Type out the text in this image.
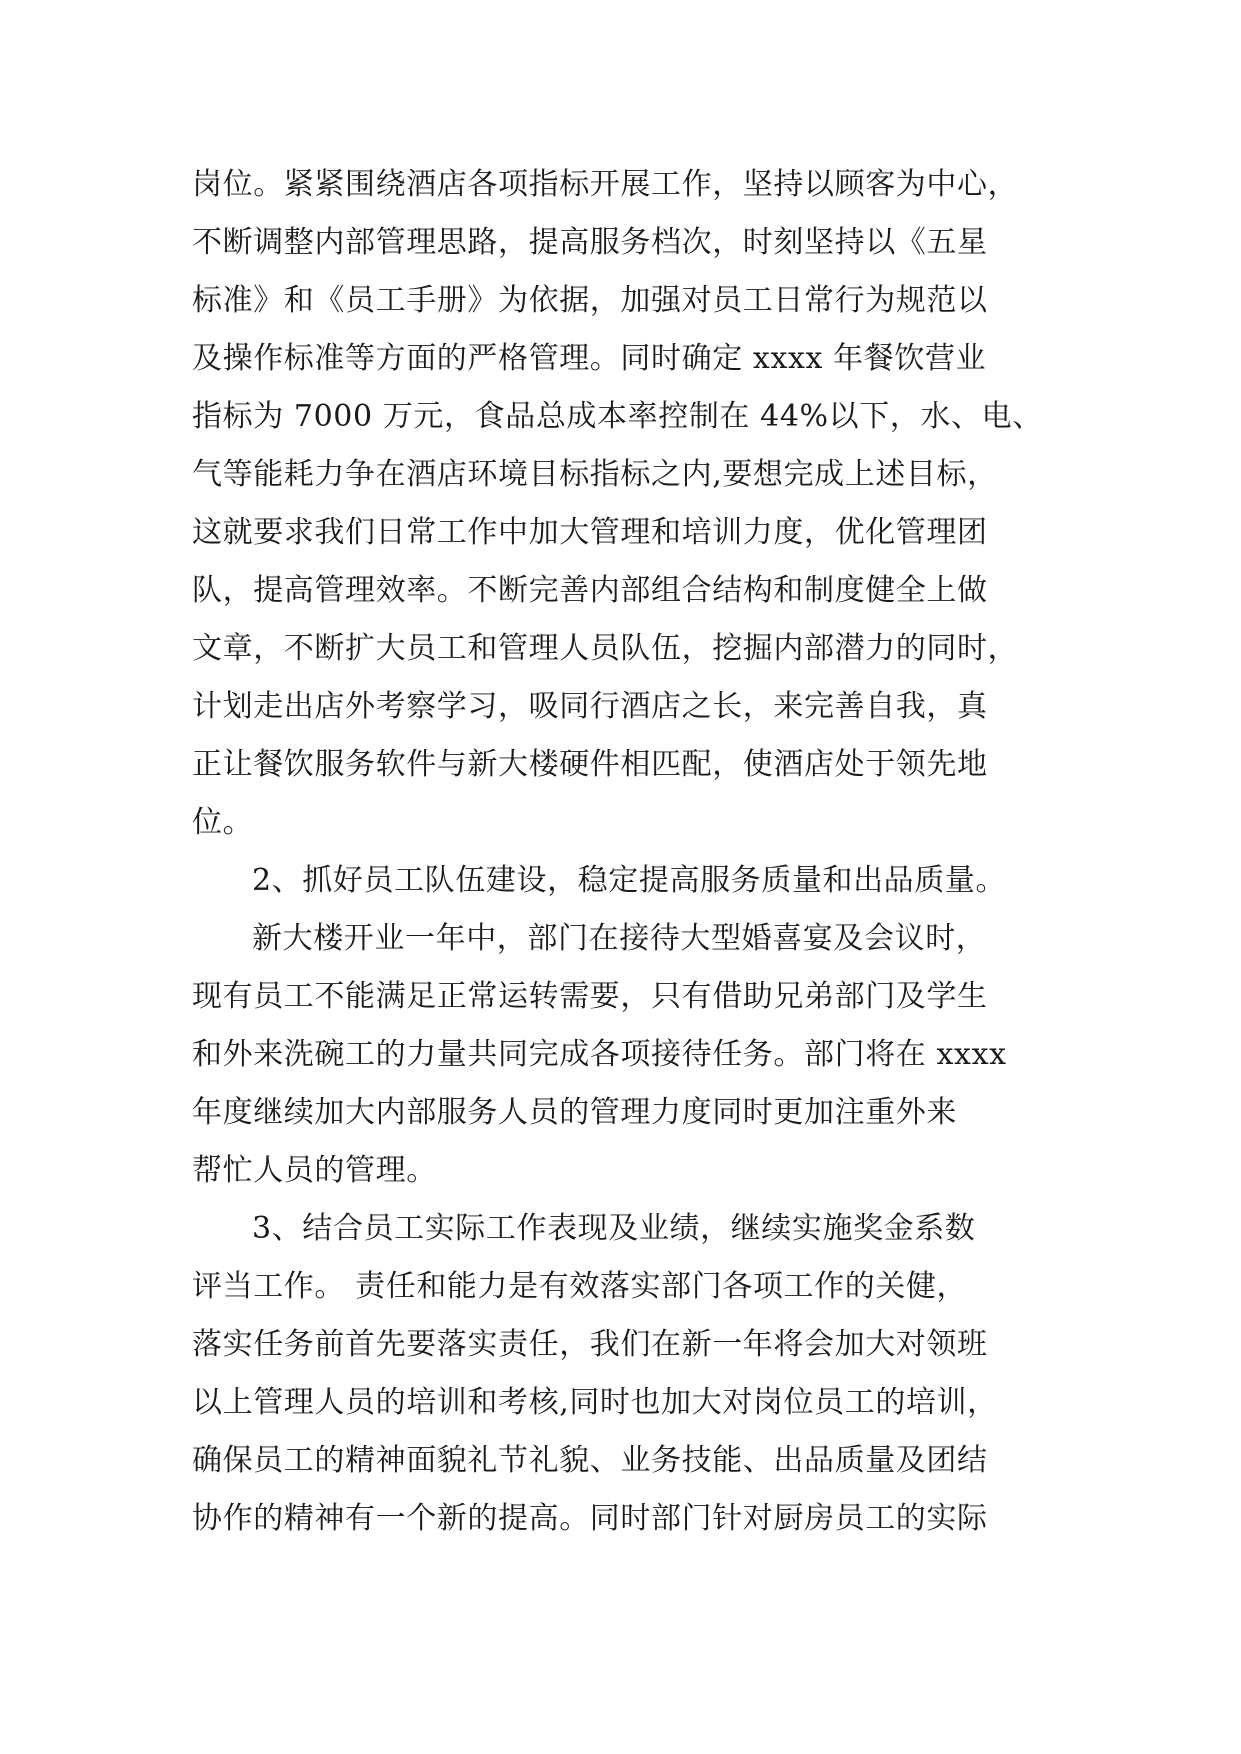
岗位。紧紧围绕酒店各项指标开展工作，坚持以顾客为中心，
不断调整内部管理思路，提高服务档次，时刻坚持以《五星
标准》和《员工手册》为依据，加强对员工日常行为规范以
及操作标准等方面的严格管理。同时确定 xxxx 年餐饮营业
指标为 7000 万元，食品总成本率控制在 44%以下，水、电、
气等能耗力争在酒店环境目标指标之内,要想完成上述目标，
这就要求我们日常工作中加大管理和培训力度，优化管理团
队，提高管理效率。不断完善内部组合结构和制度健全上做
文章，不断扩大员工和管理人员队伍，挖掘内部潜力的同时，
计划走出店外考察学习，吸同行酒店之长，来完善自我，真
正让餐饮服务软件与新大楼硬件相匹配，使酒店处于领先地
位。
2、抓好员工队伍建设，稳定提高服务质量和出品质量。
新大楼开业一年中，部门在接待大型婚喜宴及会议时，
现有员工不能满足正常运转需要，只有借助兄弟部门及学生
和外来洗碗工的力量共同完成各项接待任务。部门将在 xxxx
年度继续加大内部服务人员的管理力度同时更加注重外来
帮忙人员的管理。
3、结合员工实际工作表现及业绩，继续实施奖金系数
评当工作。 责任和能力是有效落实部门各项工作的关健，
落实任务前首先要落实责任，我们在新一年将会加大对领班
以上管理人员的培训和考核,同时也加大对岗位员工的培训，
确保员工的精神面貌礼节礼貌、业务技能、出品质量及团结
协作的精神有一个新的提高。同时部门针对厨房员工的实际
